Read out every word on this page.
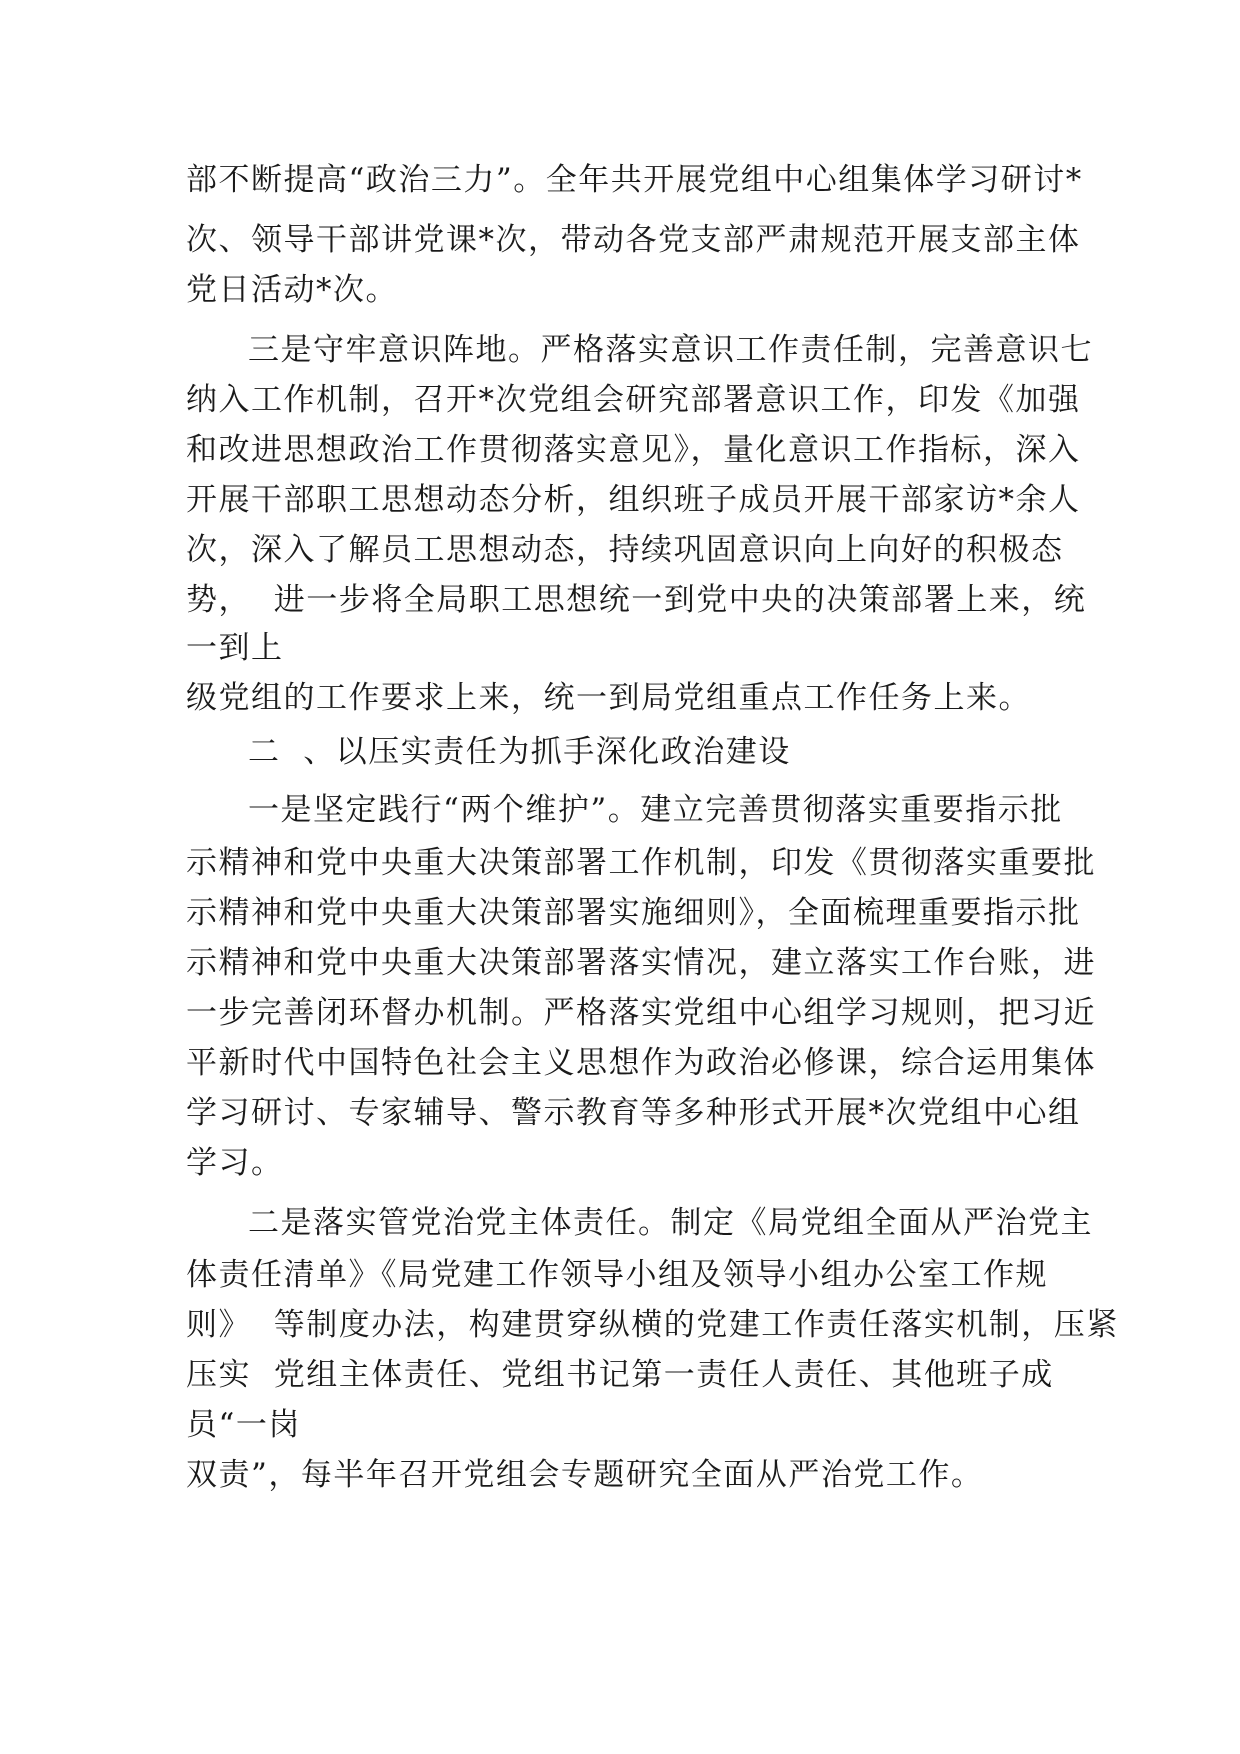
部不断提高“政治三力”。全年共开展党组中心组集体学习研讨*
次、领导干部讲党课*次，带动各党支部严肃规范开展支部主体
党日活动*次。
三是守牢意识阵地。严格落实意识工作责任制，完善意识七
纳入工作机制，召开*次党组会研究部署意识工作，印发《加强
和改进思想政治工作贯彻落实意见》，量化意识工作指标，深入
开展干部职工思想动态分析，组织班子成员开展干部家访*余人
次，深入了解员工思想动态，持续巩固意识向上向好的积极态
势，  进一步将全局职工思想统一到党中央的决策部署上来，统
一到上
级党组的工作要求上来，统一到局党组重点工作任务上来。
二  、以压实责任为抓手深化政治建设
一是坚定践行“两个维护”。建立完善贯彻落实重要指示批
示精神和党中央重大决策部署工作机制，印发《贯彻落实重要批
示精神和党中央重大决策部署实施细则》，全面梳理重要指示批
示精神和党中央重大决策部署落实情况，建立落实工作台账，进
一步完善闭环督办机制。严格落实党组中心组学习规则，把习近
平新时代中国特色社会主义思想作为政治必修课，综合运用集体
学习研讨、专家辅导、警示教育等多种形式开展*次党组中心组
学习。
二是落实管党治党主体责任。制定《局党组全面从严治党主
体责任清单》《局党建工作领导小组及领导小组办公室工作规
则》  等制度办法，构建贯穿纵横的党建工作责任落实机制，压紧
压实  党组主体责任、党组书记第一责任人责任、其他班子成
员“一岗
双责”，每半年召开党组会专题研究全面从严治党工作。
